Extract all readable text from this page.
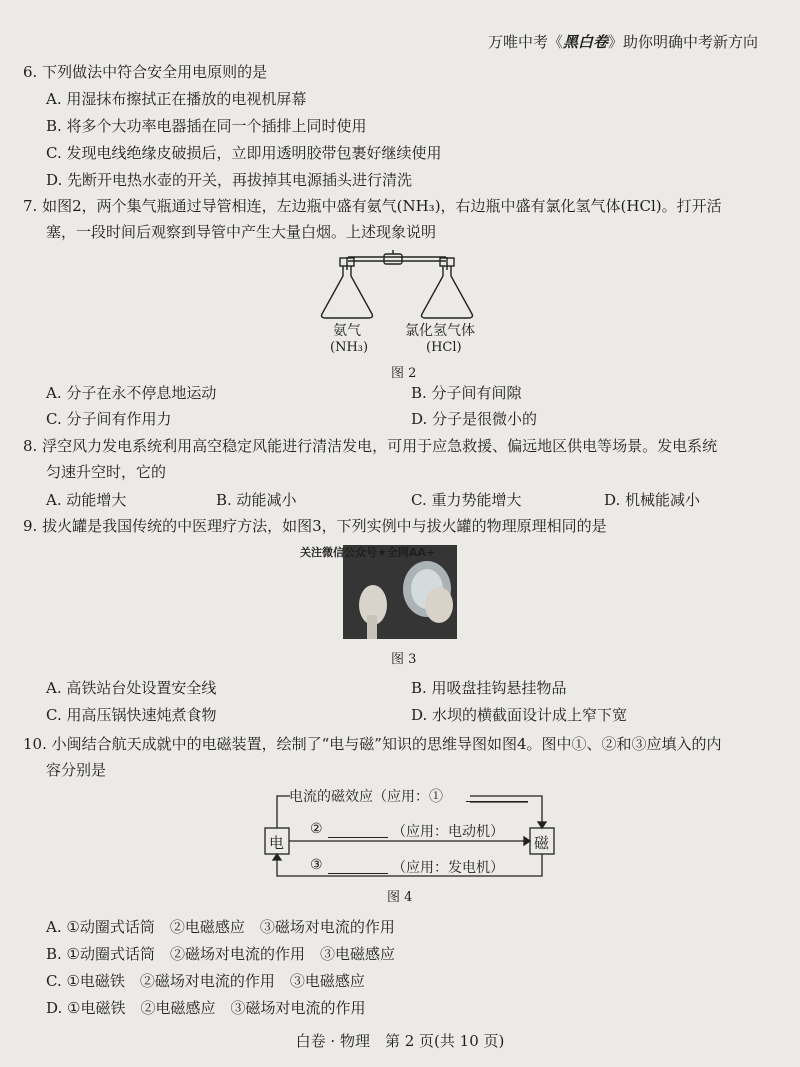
万唯中考《黑白卷》助你明确中考新方向
6. 下列做法中符合安全用电原则的是
A. 用湿抹布擦拭正在播放的电视机屏幕
B. 将多个大功率电器插在同一个插排上同时使用
C. 发现电线绝缘皮破损后，立即用透明胶带包裹好继续使用
D. 先断开电热水壶的开关，再拔掉其电源插头进行清洗
7. 如图2，两个集气瓶通过导管相连，左边瓶中盛有氨气(NH₃)，右边瓶中盛有氯化氢气体(HCl)。打开活
塞，一段时间后观察到导管中产生大量白烟。上述现象说明
氨气
(NH₃)
氯化氢气体
(HCl)
图 2
A. 分子在永不停息地运动	B. 分子间有间隙
C. 分子间有作用力	D. 分子是很微小的
8. 浮空风力发电系统利用高空稳定风能进行清洁发电，可用于应急救援、偏远地区供电等场景。发电系统
匀速升空时，它的
A. 动能增大	B. 动能减小	C. 重力势能增大	D. 机械能减小
9. 拔火罐是我国传统的中医理疗方法，如图3，下列实例中与拔火罐的物理原理相同的是
关注微信公众号★全网AA+
图 3
A. 高铁站台处设置安全线	B. 用吸盘挂钩悬挂物品
C. 用高压锅快速炖煮食物	D. 水坝的横截面设计成上窄下宽
10. 小闽结合航天成就中的电磁装置，绘制了“电与磁”知识的思维导图如图4。图中①、②和③应填入的内
容分别是
电流的磁效应（应用：①
②	（应用：电动机）
③	（应用：发电机）
电	磁
图 4
A. ①动圈式话筒　②电磁感应　③磁场对电流的作用
B. ①动圈式话筒　②磁场对电流的作用　③电磁感应
C. ①电磁铁　②磁场对电流的作用　③电磁感应
D. ①电磁铁　②电磁感应　③磁场对电流的作用
白卷 · 物理　第 2 页(共 10 页)
